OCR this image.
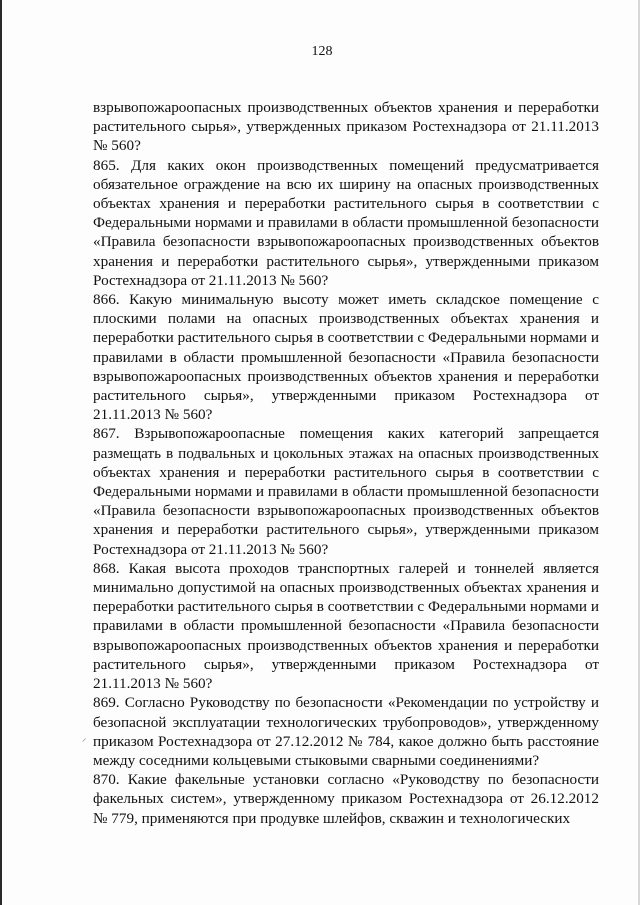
128

взрывопожароопасных производственных объектов хранения и переработки растительного сырья», утвержденных приказом Ростехнадзора от 21.11.2013 № 560?

865. Для каких окон производственных помещений предусматривается обязательное ограждение на всю их ширину на опасных производственных объектах хранения и переработки растительного сырья в соответствии с Федеральными нормами и правилами в области промышленной безопасности «Правила безопасности взрывопожароопасных производственных объектов хранения и переработки растительного сырья», утвержденными приказом Ростехнадзора от 21.11.2013 № 560?

866. Какую минимальную высоту может иметь складское помещение с плоскими полами на опасных производственных объектах хранения и переработки растительного сырья в соответствии с Федеральными нормами и правилами в области промышленной безопасности «Правила безопасности взрывопожароопасных производственных объектов хранения и переработки растительного сырья», утвержденными приказом Ростехнадзора от 21.11.2013 № 560?

867. Взрывопожароопасные помещения каких категорий запрещается размещать в подвальных и цокольных этажах на опасных производственных объектах хранения и переработки растительного сырья в соответствии с Федеральными нормами и правилами в области промышленной безопасности «Правила безопасности взрывопожароопасных производственных объектов хранения и переработки растительного сырья», утвержденными приказом Ростехнадзора от 21.11.2013 № 560?

868. Какая высота проходов транспортных галерей и тоннелей является минимально допустимой на опасных производственных объектах хранения и переработки растительного сырья в соответствии с Федеральными нормами и правилами в области промышленной безопасности «Правила безопасности взрывопожароопасных производственных объектов хранения и переработки растительного сырья», утвержденными приказом Ростехнадзора от 21.11.2013 № 560?

869. Согласно Руководству по безопасности «Рекомендации по устройству и безопасной эксплуатации технологических трубопроводов», утвержденному приказом Ростехнадзора от 27.12.2012 № 784, какое должно быть расстояние между соседними кольцевыми стыковыми сварными соединениями?

870. Какие факельные установки согласно «Руководству по безопасности факельных систем», утвержденному приказом Ростехнадзора от 26.12.2012 № 779, применяются при продувке шлейфов, скважин и технологических

⸝
